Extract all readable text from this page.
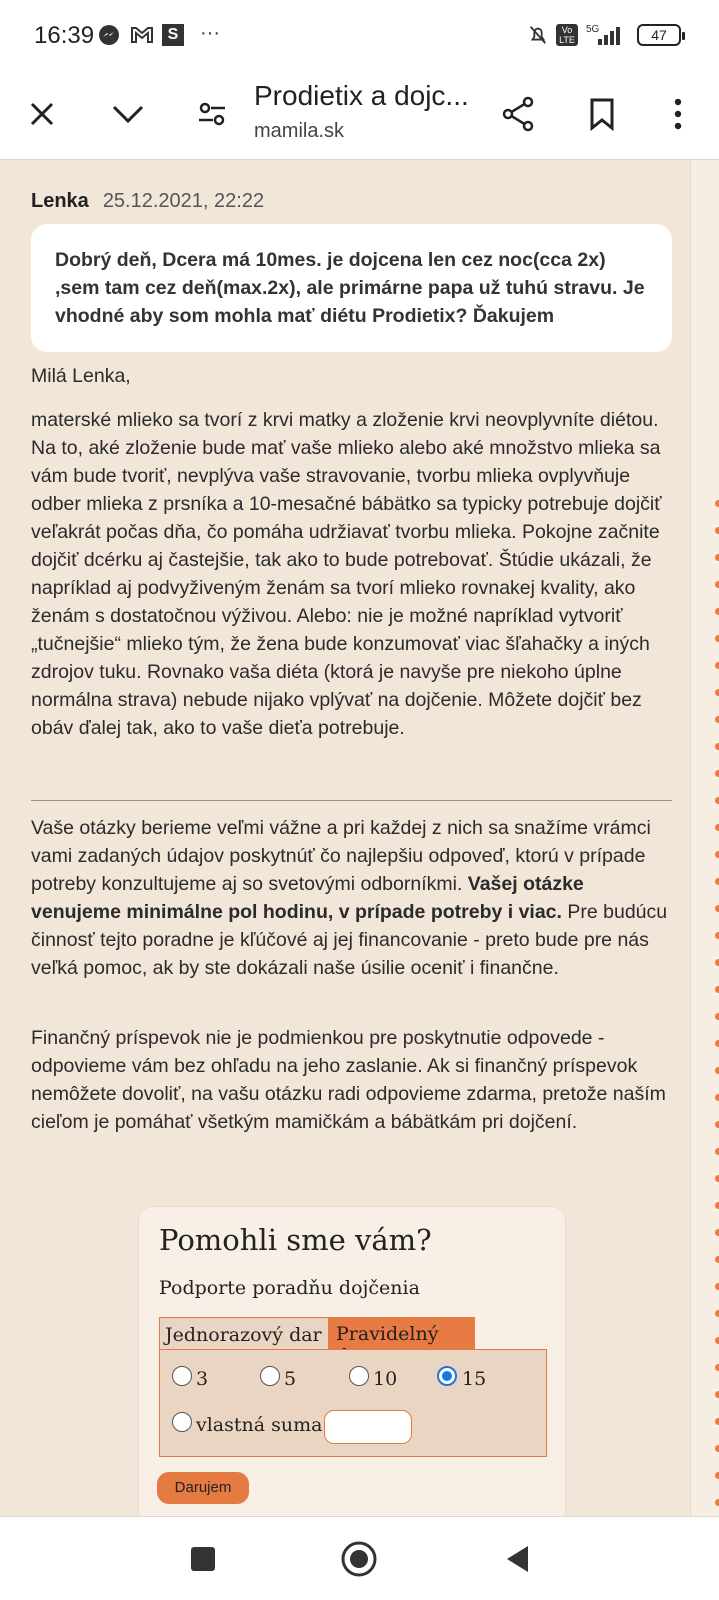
16:39	S ···	Vo
LTE
5G	47
Prodietix a dojc...
mamila.sk
Lenka 25.12.2021, 22:22
Dobrý deň, Dcera má 10mes. je dojcena len cez noc(cca 2x) ,sem tam cez deň(max.2x), ale primárne papa už tuhú stravu. Je vhodné aby som mohla mať diétu Prodietix? Ďakujem
Milá Lenka,
materské mlieko sa tvorí z krvi matky a zloženie krvi neovplyvníte diétou. Na to, aké zloženie bude mať vaše mlieko alebo aké množstvo mlieka sa vám bude tvoriť, nevplýva vaše stravovanie, tvorbu mlieka ovplyvňuje odber mlieka z prsníka a 10-mesačné bábätko sa typicky potrebuje dojčiť veľakrát počas dňa, čo pomáha udržiavať tvorbu mlieka. Pokojne začnite dojčiť dcérku aj častejšie, tak ako to bude potrebovať. Štúdie ukázali, že napríklad aj podvyživeným ženám sa tvorí mlieko rovnakej kvality, ako ženám s dostatočnou výživou. Alebo: nie je možné napríklad vytvoriť „tučnejšie“ mlieko tým, že žena bude konzumovať viac šľahačky a iných zdrojov tuku. Rovnako vaša diéta (ktorá je navyše pre niekoho úplne normálna strava) nebude nijako vplývať na dojčenie. Môžete dojčiť bez obáv ďalej tak, ako to vaše dieťa potrebuje.
Vaše otázky berieme veľmi vážne a pri každej z nich sa snažíme vrámci vami zadaných údajov poskytnúť čo najlepšiu odpoveď, ktorú v prípade potreby konzultujeme aj so svetovými odborníkmi. Vašej otázke venujeme minimálne pol hodinu, v prípade potreby i viac. Pre budúcu činnosť tejto poradne je kľúčové aj jej financovanie - preto bude pre nás veľká pomoc, ak by ste dokázali naše úsilie oceniť i finančne.
Finančný príspevok nie je podmienkou pre poskytnutie odpovede - odpovieme vám bez ohľadu na jeho zaslanie. Ak si finančný príspevok nemôžete dovoliť, na vašu otázku radi odpovieme zdarma, pretože naším cieľom je pomáhať všetkým mamičkám a bábätkám pri dojčení.
Pomohli sme vám?
Podporte poradňu dojčenia
Jednorazový dar Pravidelný
3	5	10	15
vlastná suma
Darujem
